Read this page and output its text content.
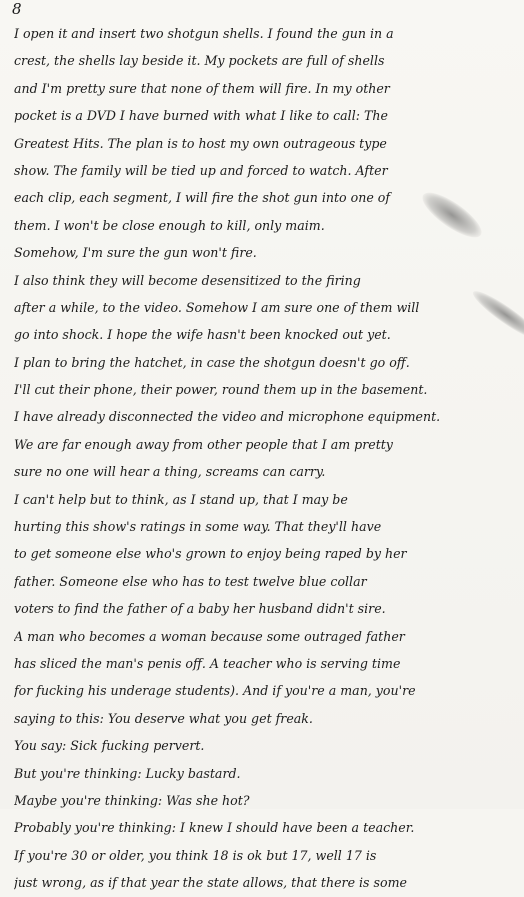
8
I open it and insert two shotgun shells. I found the gun in a
crest, the shells lay beside it. My pockets are full of shells
and I'm pretty sure that none of them will fire. In my other
pocket is a DVD I have burned with what I like to call: The
Greatest Hits. The plan is to host my own outrageous type
show. The family will be tied up and forced to watch. After
each clip, each segment, I will fire the shot gun into one of
them. I won't be close enough to kill, only maim.
Somehow, I'm sure the gun won't fire.
I also think they will become desensitized to the firing
after a while, to the video. Somehow I am sure one of them will
go into shock. I hope the wife hasn't been knocked out yet.
I plan to bring the hatchet, in case the shotgun doesn't go off.
I'll cut their phone, their power, round them up in the basement.
I have already disconnected the video and microphone equipment.
We are far enough away from other people that I am pretty
sure no one will hear a thing, screams can carry.
I can't help but to think, as I stand up, that I may be
hurting this show's ratings in some way. That they'll have
to get someone else who's grown to enjoy being raped by her
father. Someone else who has to test twelve blue collar
voters to find the father of a baby her husband didn't sire.
A man who becomes a woman because some outraged father
has sliced the man's penis off. A teacher who is serving time
for fucking his underage students). And if you're a man, you're
saying to this: You deserve what you get freak.
You say: Sick fucking pervert.
But you're thinking: Lucky bastard.
Maybe you're thinking: Was she hot?
Probably you're thinking: I knew I should have been a teacher.
If you're 30 or older, you think 18 is ok but 17, well 17 is
just wrong, as if that year the state allows, that there is some
